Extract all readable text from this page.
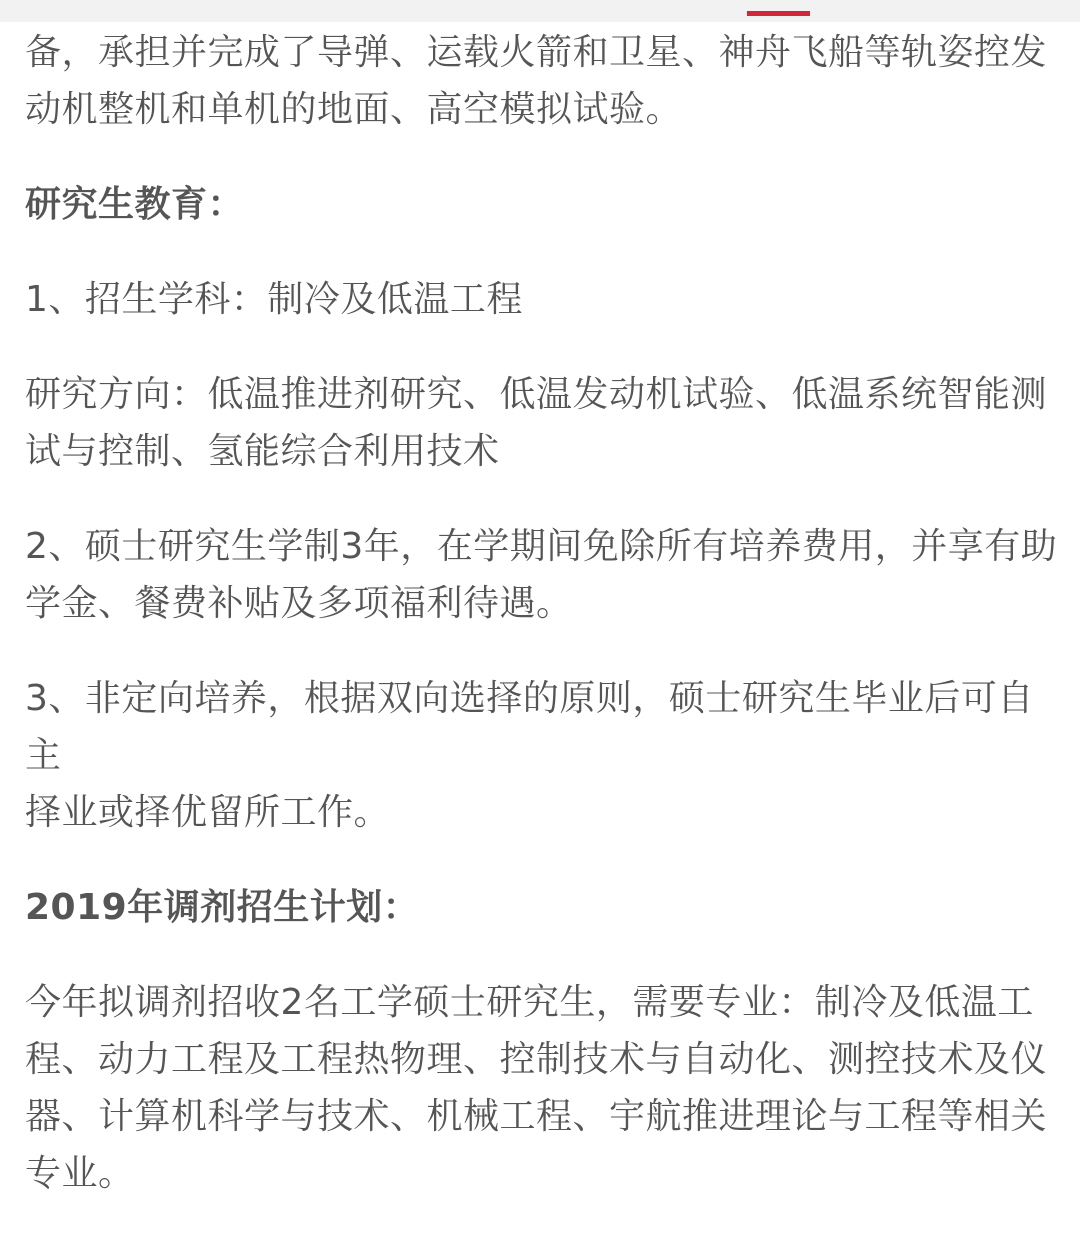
备，承担并完成了导弹、运载火箭和卫星、神舟飞船等轨姿控发
动机整机和单机的地面、高空模拟试验。

研究生教育：

1、招生学科：制冷及低温工程

研究方向：低温推进剂研究、低温发动机试验、低温系统智能测
试与控制、氢能综合利用技术

2、硕士研究生学制3年，在学期间免除所有培养费用，并享有助
学金、餐费补贴及多项福利待遇。

3、非定向培养，根据双向选择的原则，硕士研究生毕业后可自主
择业或择优留所工作。

2019年调剂招生计划：

今年拟调剂招收2名工学硕士研究生，需要专业：制冷及低温工
程、动力工程及工程热物理、控制技术与自动化、测控技术及仪
器、计算机科学与技术、机械工程、宇航推进理论与工程等相关
专业。
